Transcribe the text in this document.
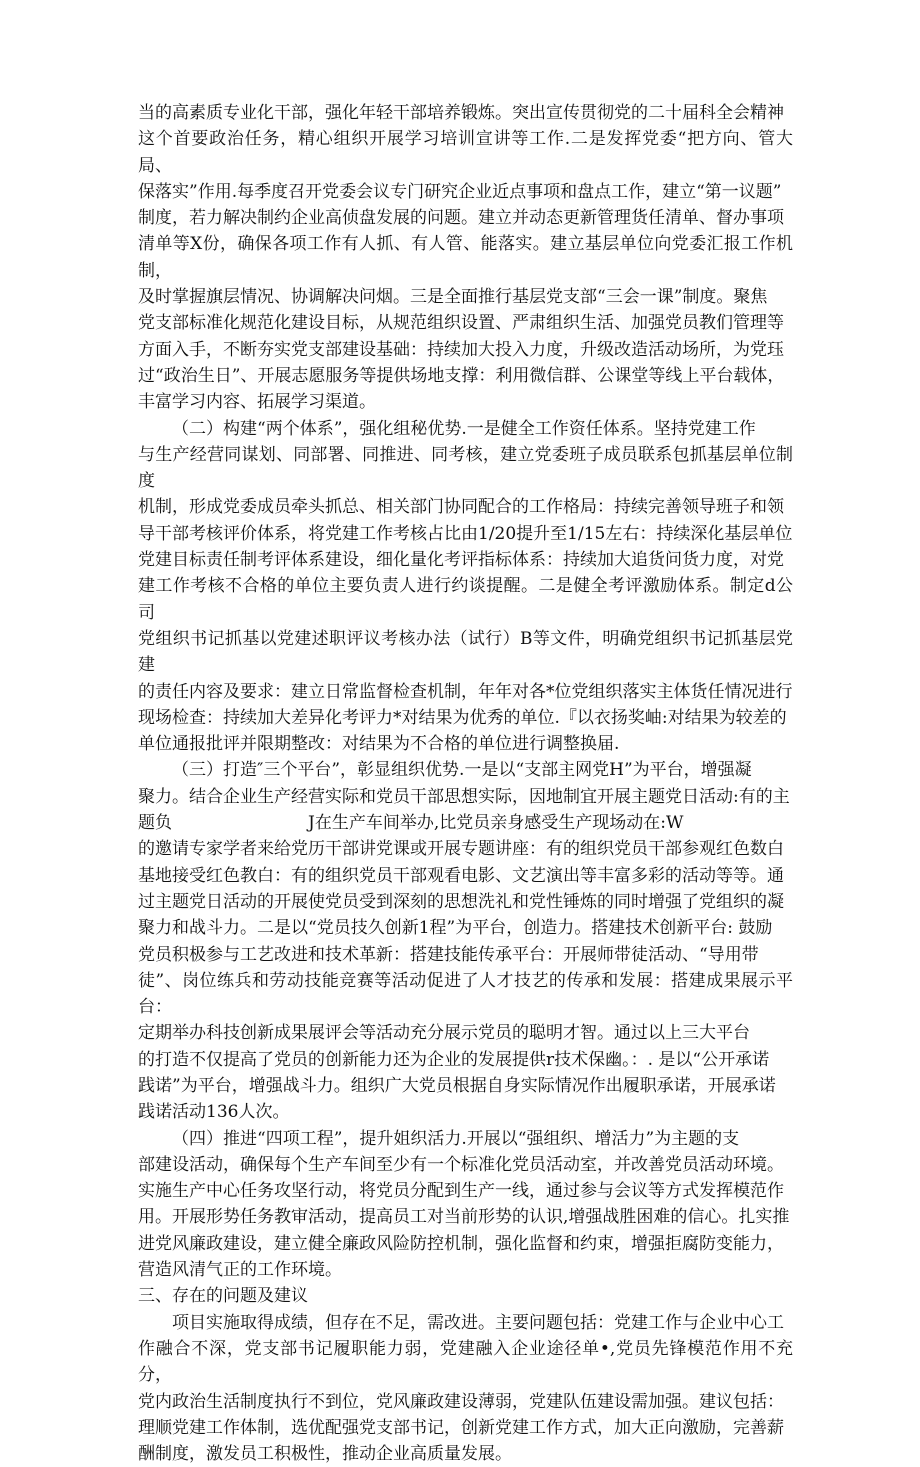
当的高素质专业化干部，强化年轻干部培养锻炼。突出宣传贯彻党的二十届科全会精神
这个首要政治任务，精心组织开展学习培训宣讲等工作.二是发挥党委“把方向、管大局、
保落实”作用.每季度召开党委会议专门研究企业近点事项和盘点工作，建立“第一议题”
制度，若力解决制约企业高侦盘发展的问题。建立并动态更新管理货任清单、督办事项
清单等X份，确保各项工作有人抓、有人管、能落实。建立基层单位向党委汇报工作机制，
及时掌握旗层情况、协调解决问烟。三是全面推行基层党支部“三会一课”制度。聚焦
党支部标准化规范化建设目标，从规范组织设置、严肃组织生活、加强党员教们管理等
方面入手，不断夯实党支部建设基础：持续加大投入力度，升级改造活动场所，为党珏
过“政治生日”、开展志愿服务等提供场地支撑：利用微信群、公课堂等线上平台载体，
丰富学习内容、拓展学习渠道。

（二）构建“两个体系”，强化组秘优势.一是健全工作资任体系。坚持党建工作
与生产经营同谋划、同部署、同推进、同考核，建立党委班子成员联系包抓基层单位制度
机制，形成党委成员牵头抓总、相关部门协同配合的工作格局：持续完善领导班子和领
导干部考核评价体系，将党建工作考核占比由1/20提升至1/15左右：持续深化基层单位
党建目标责任制考评体系建设，细化量化考评指标体系：持续加大追货问货力度，对党
建工作考核不合格的单位主要负责人进行约谈提醒。二是健全考评激励体系。制定d公司
党组织书记抓基以党建述职评议考核办法（试行）B等文件，明确党组织书记抓基层党建
的责任内容及要求：建立日常监督检查机制，年年对各*位党组织落实主体货任情况进行
现场检查：持续加大差异化考评力*对结果为优秀的单位.『以衣扬奖岫:对结果为较差的
单位通报批评并限期整改：对结果为不合格的单位进行调整换届.

（三）打造″三个平台”，彰显组织优势.一是以“支部主网党H”为平台，增强凝
聚力。结合企业生产经营实际和党员干部思想实际，因地制宜开展主题党日活动:有的主
题负　　　　　　　　J在生产车间举办,比党员亲身感受生产现场动在:W
的邀请专家学者来给党历干部讲党课或开展专题讲座：有的组织党员干部参观红色数白
基地接受红色教白：有的组织党员干部观看电影、文艺演出等丰富多彩的活动等等。通
过主题党日活动的开展使党员受到深刻的思想洗礼和党性锤炼的同时增强了党组织的凝
聚力和战斗力。二是以“党员技久创新1程”为平台，创造力。搭建技术创新平台: 鼓励
党员积极参与工艺改进和技术革新：搭建技能传承平台：开展师带徒活动、“导用带
徒”、岗位练兵和劳动技能竞赛等活动促进了人才技艺的传承和发展：搭建成果展示平台：
定期举办科技创新成果展评会等活动充分展示党员的聪明才智。通过以上三大平台
的打造不仅提高了党员的创新能力还为企业的发展提供r技术保幽。：. 是以“公开承诺
践诺”为平台，增强战斗力。组织广大党员根据自身实际情况作出履职承诺，开展承诺
践诺活动136人次。

（四）推进“四项工程”，提升姐织活力.开展以“强组织、增活力”为主题的支
部建设活动，确保每个生产车间至少有一个标准化党员活动室，并改善党员活动环境。
实施生产中心任务攻坚行动，将党员分配到生产一线，通过参与会议等方式发挥模范作
用。开展形势任务教审活动，提高员工对当前形势的认识,增强战胜困难的信心。扎实推
进党风廉政建设，建立健全廉政风险防控机制，强化监督和约束，增强拒腐防变能力，
营造风清气正的工作环境。

三、存在的问题及建议

项目实施取得成绩，但存在不足，需改进。主要问题包括：党建工作与企业中心工
作融合不深，党支部书记履职能力弱，党建融入企业途径单•,党员先锋模范作用不充分，
党内政治生活制度执行不到位，党风廉政建设薄弱，党建队伍建设需加强。建议包括：
理顺党建工作体制，选优配强党支部书记，创新党建工作方式，加大正向激励，完善薪
酬制度，激发员工积极性，推动企业高质量发展。
